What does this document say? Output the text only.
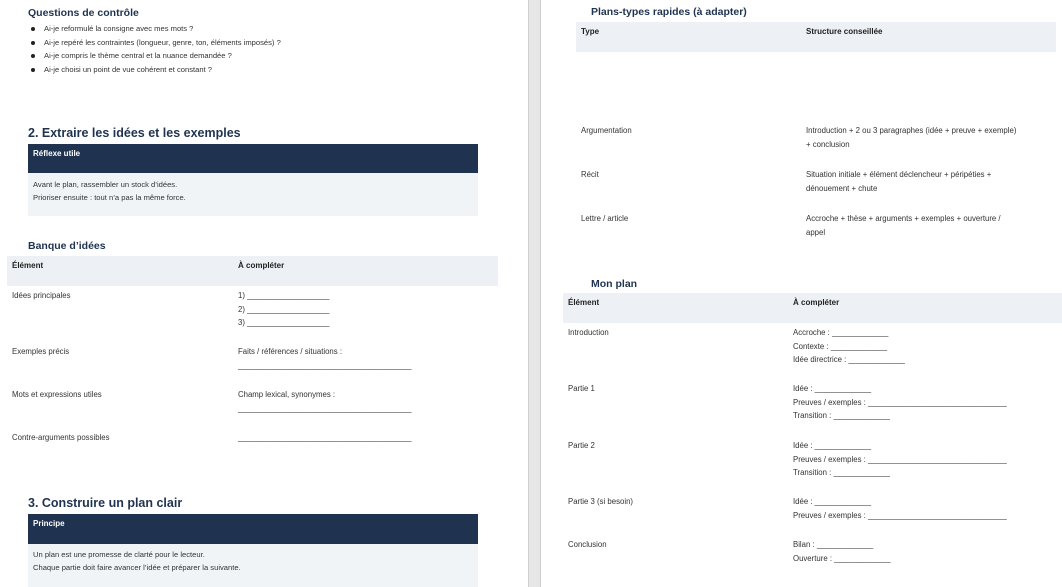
Questions de contrôle
Ai-je reformulé la consigne avec mes mots ?
Ai-je repéré les contraintes (longueur, genre, ton, éléments imposés) ?
Ai-je compris le thème central et la nuance demandée ?
Ai-je choisi un point de vue cohérent et constant ?
2. Extraire les idées et les exemples
Réflexe utile
Avant le plan, rassembler un stock d’idées.
Prioriser ensuite : tout n’a pas la même force.
Banque d’idées
Élément	À compléter
Idées principales	1) ___________________
2) ___________________
3) ___________________
Exemples précis	Faits / références / situations :
________________________________________
Mots et expressions utiles	Champ lexical, synonymes :
________________________________________
Contre-arguments possibles	________________________________________
3. Construire un plan clair
Principe
Un plan est une promesse de clarté pour le lecteur.
Chaque partie doit faire avancer l’idée et préparer la suivante.
Plans-types rapides (à adapter)
Type	Structure conseillée
Argumentation	Introduction + 2 ou 3 paragraphes (idée + preuve + exemple)
+ conclusion
Récit	Situation initiale + élément déclencheur + péripéties +
dénouement + chute
Lettre / article	Accroche + thèse + arguments + exemples + ouverture /
appel
Mon plan
Élément	À compléter
Introduction	Accroche : _____________
Contexte : _____________
Idée directrice : _____________
Partie 1	Idée : _____________
Preuves / exemples : ________________________________
Transition : _____________
Partie 2	Idée : _____________
Preuves / exemples : ________________________________
Transition : _____________
Partie 3 (si besoin)	Idée : _____________
Preuves / exemples : ________________________________
Conclusion	Bilan : _____________
Ouverture : _____________
